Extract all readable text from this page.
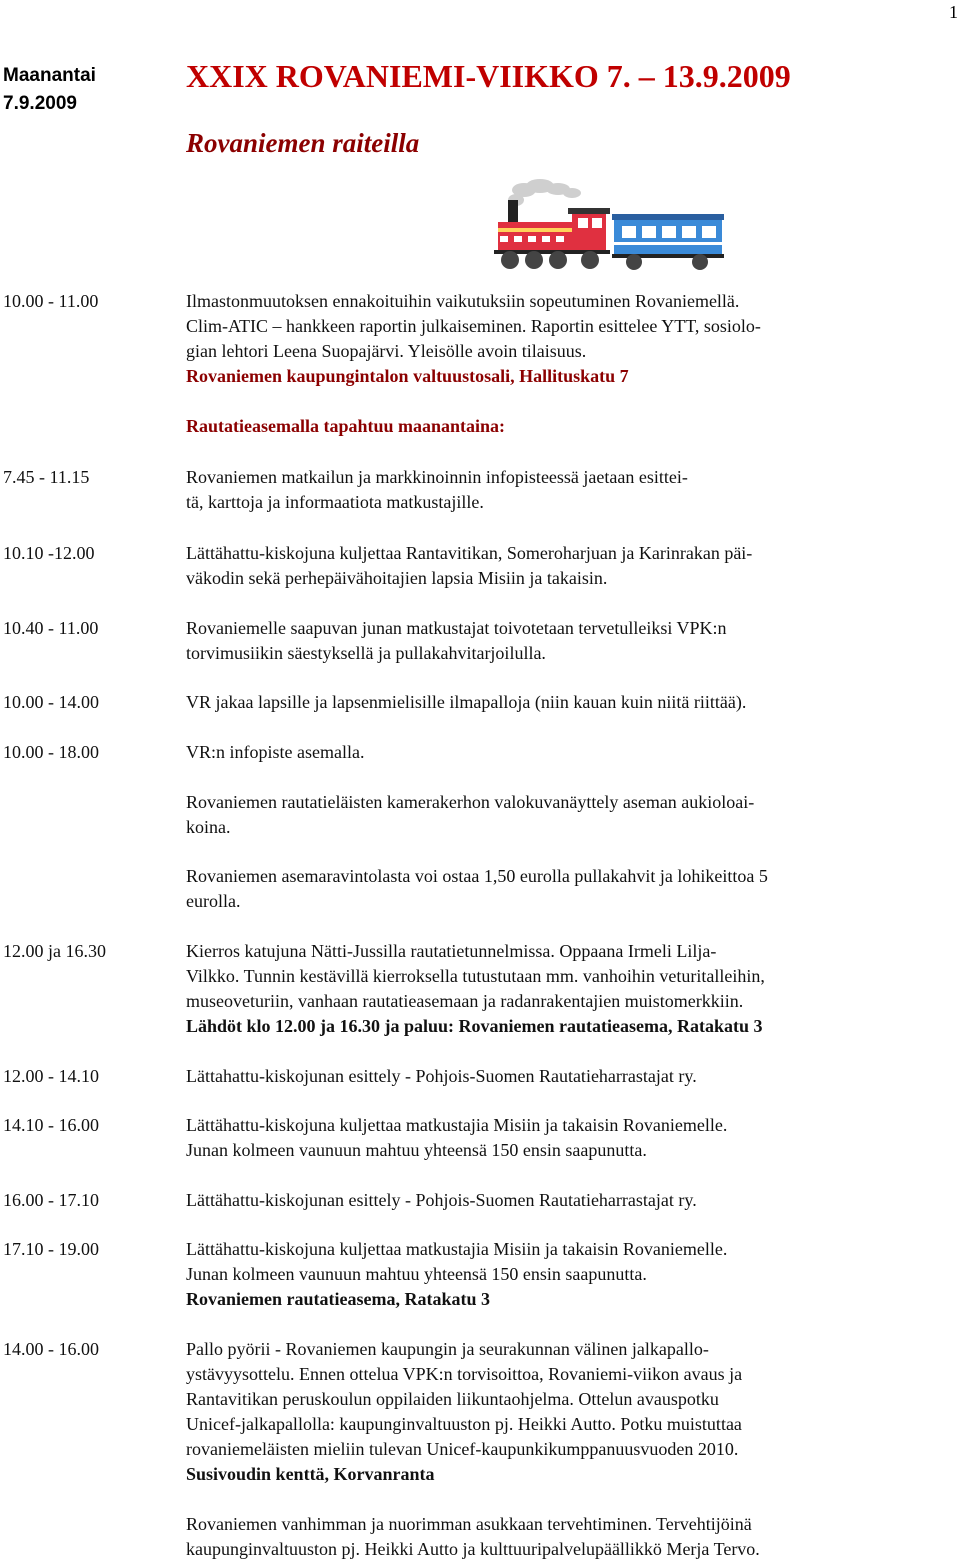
1
Maanantai
7.9.2009
XXIX ROVANIEMI-VIIKKO 7. – 13.9.2009
Rovaniemen raiteilla
10.00 - 11.00	Ilmastonmuutoksen ennakoituihin vaikutuksiin sopeutuminen Rovaniemellä.
Clim-ATIC – hankkeen raportin julkaiseminen. Raportin esittelee YTT, sosiolo-
gian lehtori Leena Suopajärvi. Yleisölle avoin tilaisuus.
Rovaniemen kaupungintalon valtuustosali, Hallituskatu 7
Rautatieasemalla tapahtuu maanantaina:
7.45 - 11.15	Rovaniemen matkailun ja markkinoinnin infopisteessä jaetaan esittei-
tä, karttoja ja informaatiota matkustajille.
10.10 -12.00	Lättähattu-kiskojuna kuljettaa Rantavitikan, Someroharjuan ja Karinrakan päi-
väkodin sekä perhepäivähoitajien lapsia Misiin ja takaisin.
10.40 - 11.00	Rovaniemelle saapuvan junan matkustajat toivotetaan tervetulleiksi VPK:n
torvimusiikin säestyksellä ja pullakahvitarjoilulla.
10.00 - 14.00	VR jakaa lapsille ja lapsenmielisille ilmapalloja (niin kauan kuin niitä riittää).
10.00 - 18.00	VR:n infopiste asemalla.
Rovaniemen rautatieläisten kamerakerhon valokuvanäyttely aseman aukioloai-
koina.
Rovaniemen asemaravintolasta voi ostaa 1,50 eurolla pullakahvit ja lohikeittoa 5
eurolla.
12.00 ja 16.30	Kierros katujuna Nätti-Jussilla rautatietunnelmissa. Oppaana Irmeli Lilja-
Vilkko. Tunnin kestävillä kierroksella tutustutaan mm. vanhoihin veturitalleihin,
museoveturiin, vanhaan rautatieasemaan ja radanrakentajien muistomerkkiin.
Lähdöt klo 12.00 ja 16.30 ja paluu: Rovaniemen rautatieasema, Ratakatu 3
12.00 - 14.10	Lättahattu-kiskojunan esittely - Pohjois-Suomen Rautatieharrastajat ry.
14.10 - 16.00	Lättähattu-kiskojuna kuljettaa matkustajia Misiin ja takaisin Rovaniemelle.
Junan kolmeen vaunuun mahtuu yhteensä 150 ensin saapunutta.
16.00 - 17.10	Lättähattu-kiskojunan esittely - Pohjois-Suomen Rautatieharrastajat ry.
17.10 - 19.00	Lättähattu-kiskojuna kuljettaa matkustajia Misiin ja takaisin Rovaniemelle.
Junan kolmeen vaunuun mahtuu yhteensä 150 ensin saapunutta.
Rovaniemen rautatieasema, Ratakatu 3
14.00 - 16.00	Pallo pyörii - Rovaniemen kaupungin ja seurakunnan välinen jalkapallo-
ystävyysottelu. Ennen ottelua VPK:n torvisoittoa, Rovaniemi-viikon avaus ja
Rantavitikan peruskoulun oppilaiden liikuntaohjelma. Ottelun avauspotku
Unicef-jalkapallolla: kaupunginvaltuuston pj. Heikki Autto. Potku muistuttaa
rovaniemeläisten mieliin tulevan Unicef-kaupunkikumppanuusvuoden 2010.
Susivoudin kenttä, Korvanranta
Rovaniemen vanhimman ja nuorimman asukkaan tervehtiminen. Tervehtijöinä
kaupunginvaltuuston pj. Heikki Autto ja kulttuuripalvelupäällikkö Merja Tervo.
